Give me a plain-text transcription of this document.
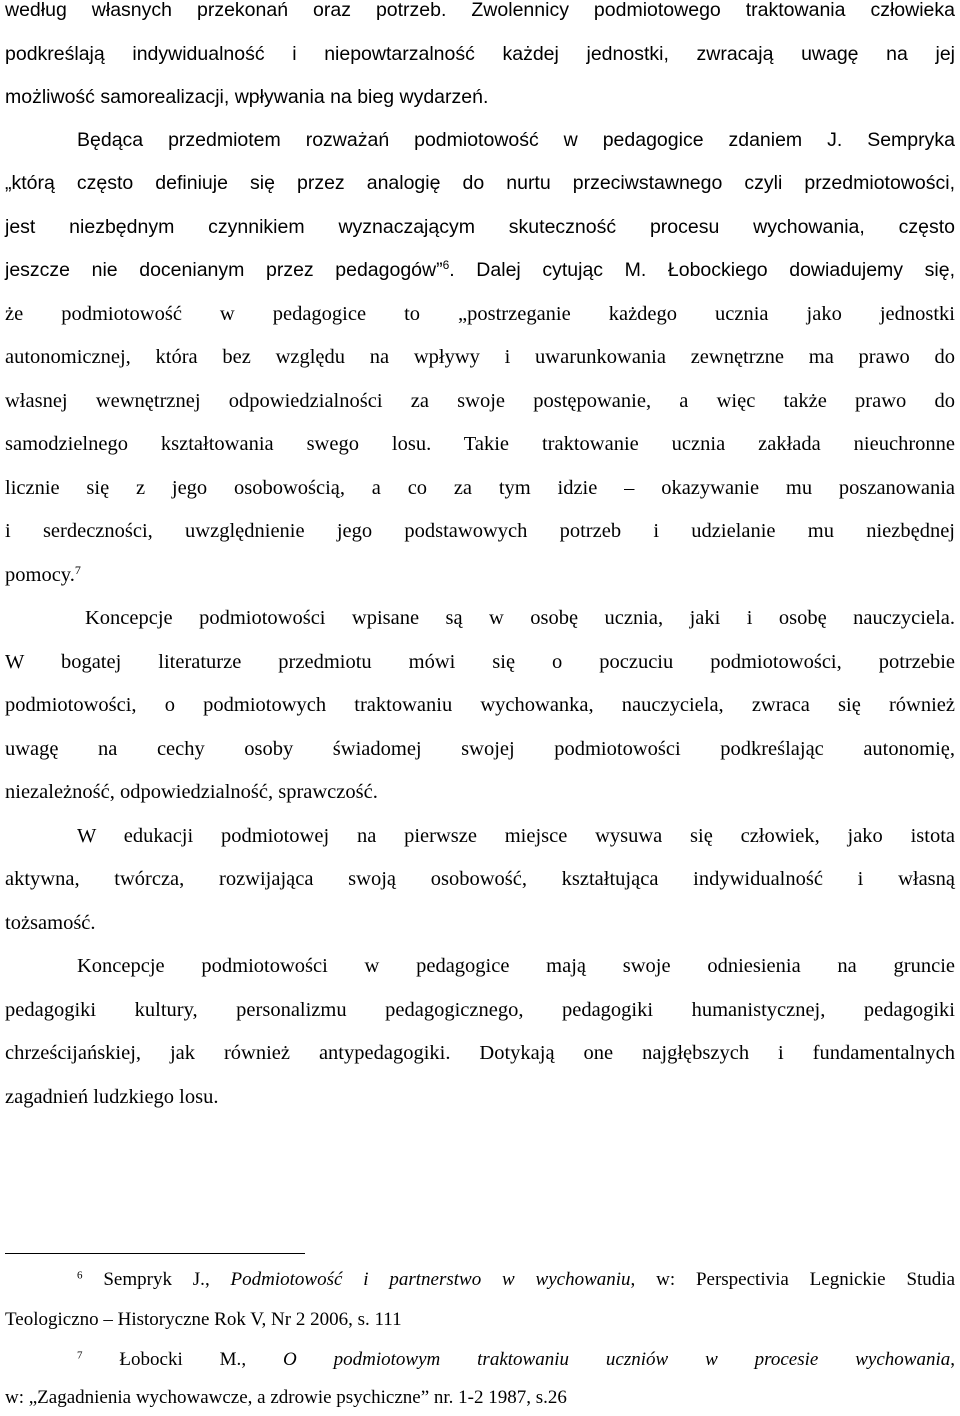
według własnych przekonań oraz potrzeb. Zwolennicy podmiotowego traktowania człowieka
podkreślają indywidualność i niepowtarzalność każdej jednostki, zwracają uwagę na jej
możliwość samorealizacji, wpływania na bieg wydarzeń.
Będąca przedmiotem rozważań podmiotowość w pedagogice zdaniem J. Sempryka
„którą często definiuje się przez analogię do nurtu przeciwstawnego czyli przedmiotowości,
jest niezbędnym czynnikiem wyznaczającym skuteczność procesu wychowania, często
jeszcze nie docenianym przez pedagogów”$^6$. Dalej cytując M. Łobockiego dowiadujemy się,
że podmiotowość w pedagogice to „postrzeganie każdego ucznia jako jednostki
autonomicznej, która bez względu na wpływy i uwarunkowania zewnętrzne ma prawo do
własnej wewnętrznej odpowiedzialności za swoje postępowanie, a więc także prawo do
samodzielnego kształtowania swego losu. Takie traktowanie ucznia zakłada nieuchronne
licznie się z jego osobowością, a co za tym idzie – okazywanie mu poszanowania
i serdeczności, uwzględnienie jego podstawowych potrzeb i udzielanie mu niezbędnej
pomocy.$^7$
Koncepcje podmiotowości wpisane są w osobę ucznia, jaki i osobę nauczyciela.
W bogatej literaturze przedmiotu mówi się o poczuciu podmiotowości, potrzebie
podmiotowości, o podmiotowych traktowaniu wychowanka, nauczyciela, zwraca się również
uwagę na cechy osoby świadomej swojej podmiotowości podkreślając autonomię,
niezależność, odpowiedzialność, sprawczość.
W edukacji podmiotowej na pierwsze miejsce wysuwa się człowiek, jako istota
aktywna, twórcza, rozwijająca swoją osobowość, kształtująca indywidualność i własną
tożsamość.
Koncepcje podmiotowości w pedagogice mają swoje odniesienia na gruncie
pedagogiki kultury, personalizmu pedagogicznego, pedagogiki humanistycznej, pedagogiki
chrześcijańskiej, jak również antypedagogiki. Dotykają one najgłębszych i fundamentalnych
zagadnień ludzkiego losu.
$^6$ Sempryk J., Podmiotowość i partnerstwo w wychowaniu, w: Perspectivia Legnickie Studia
Teologiczno – Historyczne Rok V, Nr 2 2006, s. 111
$^7$ Łobocki M., O podmiotowym traktowaniu uczniów w procesie wychowania,
w: „Zagadnienia wychowawcze, a zdrowie psychiczne” nr. 1-2 1987, s.26
